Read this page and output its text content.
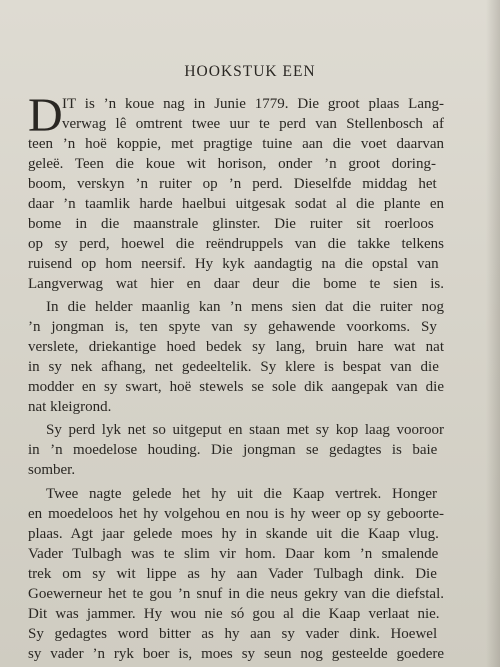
HOOKSTUK EEN
D IT is ’n koue nag in Junie 1779. Die groot plaas Lang-

verwag lê omtrent twee uur te perd van Stellenbosch af

teen ’n hoë koppie, met pragtige tuine aan die voet daarvan

geleë. Teen die koue wit horison, onder ’n groot doring-

boom, verskyn ’n ruiter op ’n perd. Dieselfde middag het

daar ’n taamlik harde haelbui uitgesak sodat al die plante en

bome in die maanstrale glinster. Die ruiter sit roerloos

op sy perd, hoewel die reëndruppels van die takke telkens

ruisend op hom neersif. Hy kyk aandagtig na die opstal van

Langverwag wat hier en daar deur die bome te sien is.

In die helder maanlig kan ’n mens sien dat die ruiter nog

’n jongman is, ten spyte van sy gehawende voorkoms. Sy

verslete, driekantige hoed bedek sy lang, bruin hare wat nat

in sy nek afhang, net gedeeltelik. Sy klere is bespat van die

modder en sy swart, hoë stewels se sole dik aangepak van die

nat kleigrond.

Sy perd lyk net so uitgeput en staan met sy kop laag vooroor

in ’n moedelose houding. Die jongman se gedagtes is baie

somber.

Twee nagte gelede het hy uit die Kaap vertrek. Honger

en moedeloos het hy volgehou en nou is hy weer op sy geboorte-

plaas. Agt jaar gelede moes hy in skande uit die Kaap vlug.

Vader Tulbagh was te slim vir hom. Daar kom ’n smalende

trek om sy wit lippe as hy aan Vader Tulbagh dink. Die

Goewerneur het te gou ’n snuf in die neus gekry van die diefstal.

Dit was jammer. Hy wou nie só gou al die Kaap verlaat nie.

Sy gedagtes word bitter as hy aan sy vader dink. Hoewel

sy vader ’n ryk boer is, moes sy seun nog gesteelde goedere
